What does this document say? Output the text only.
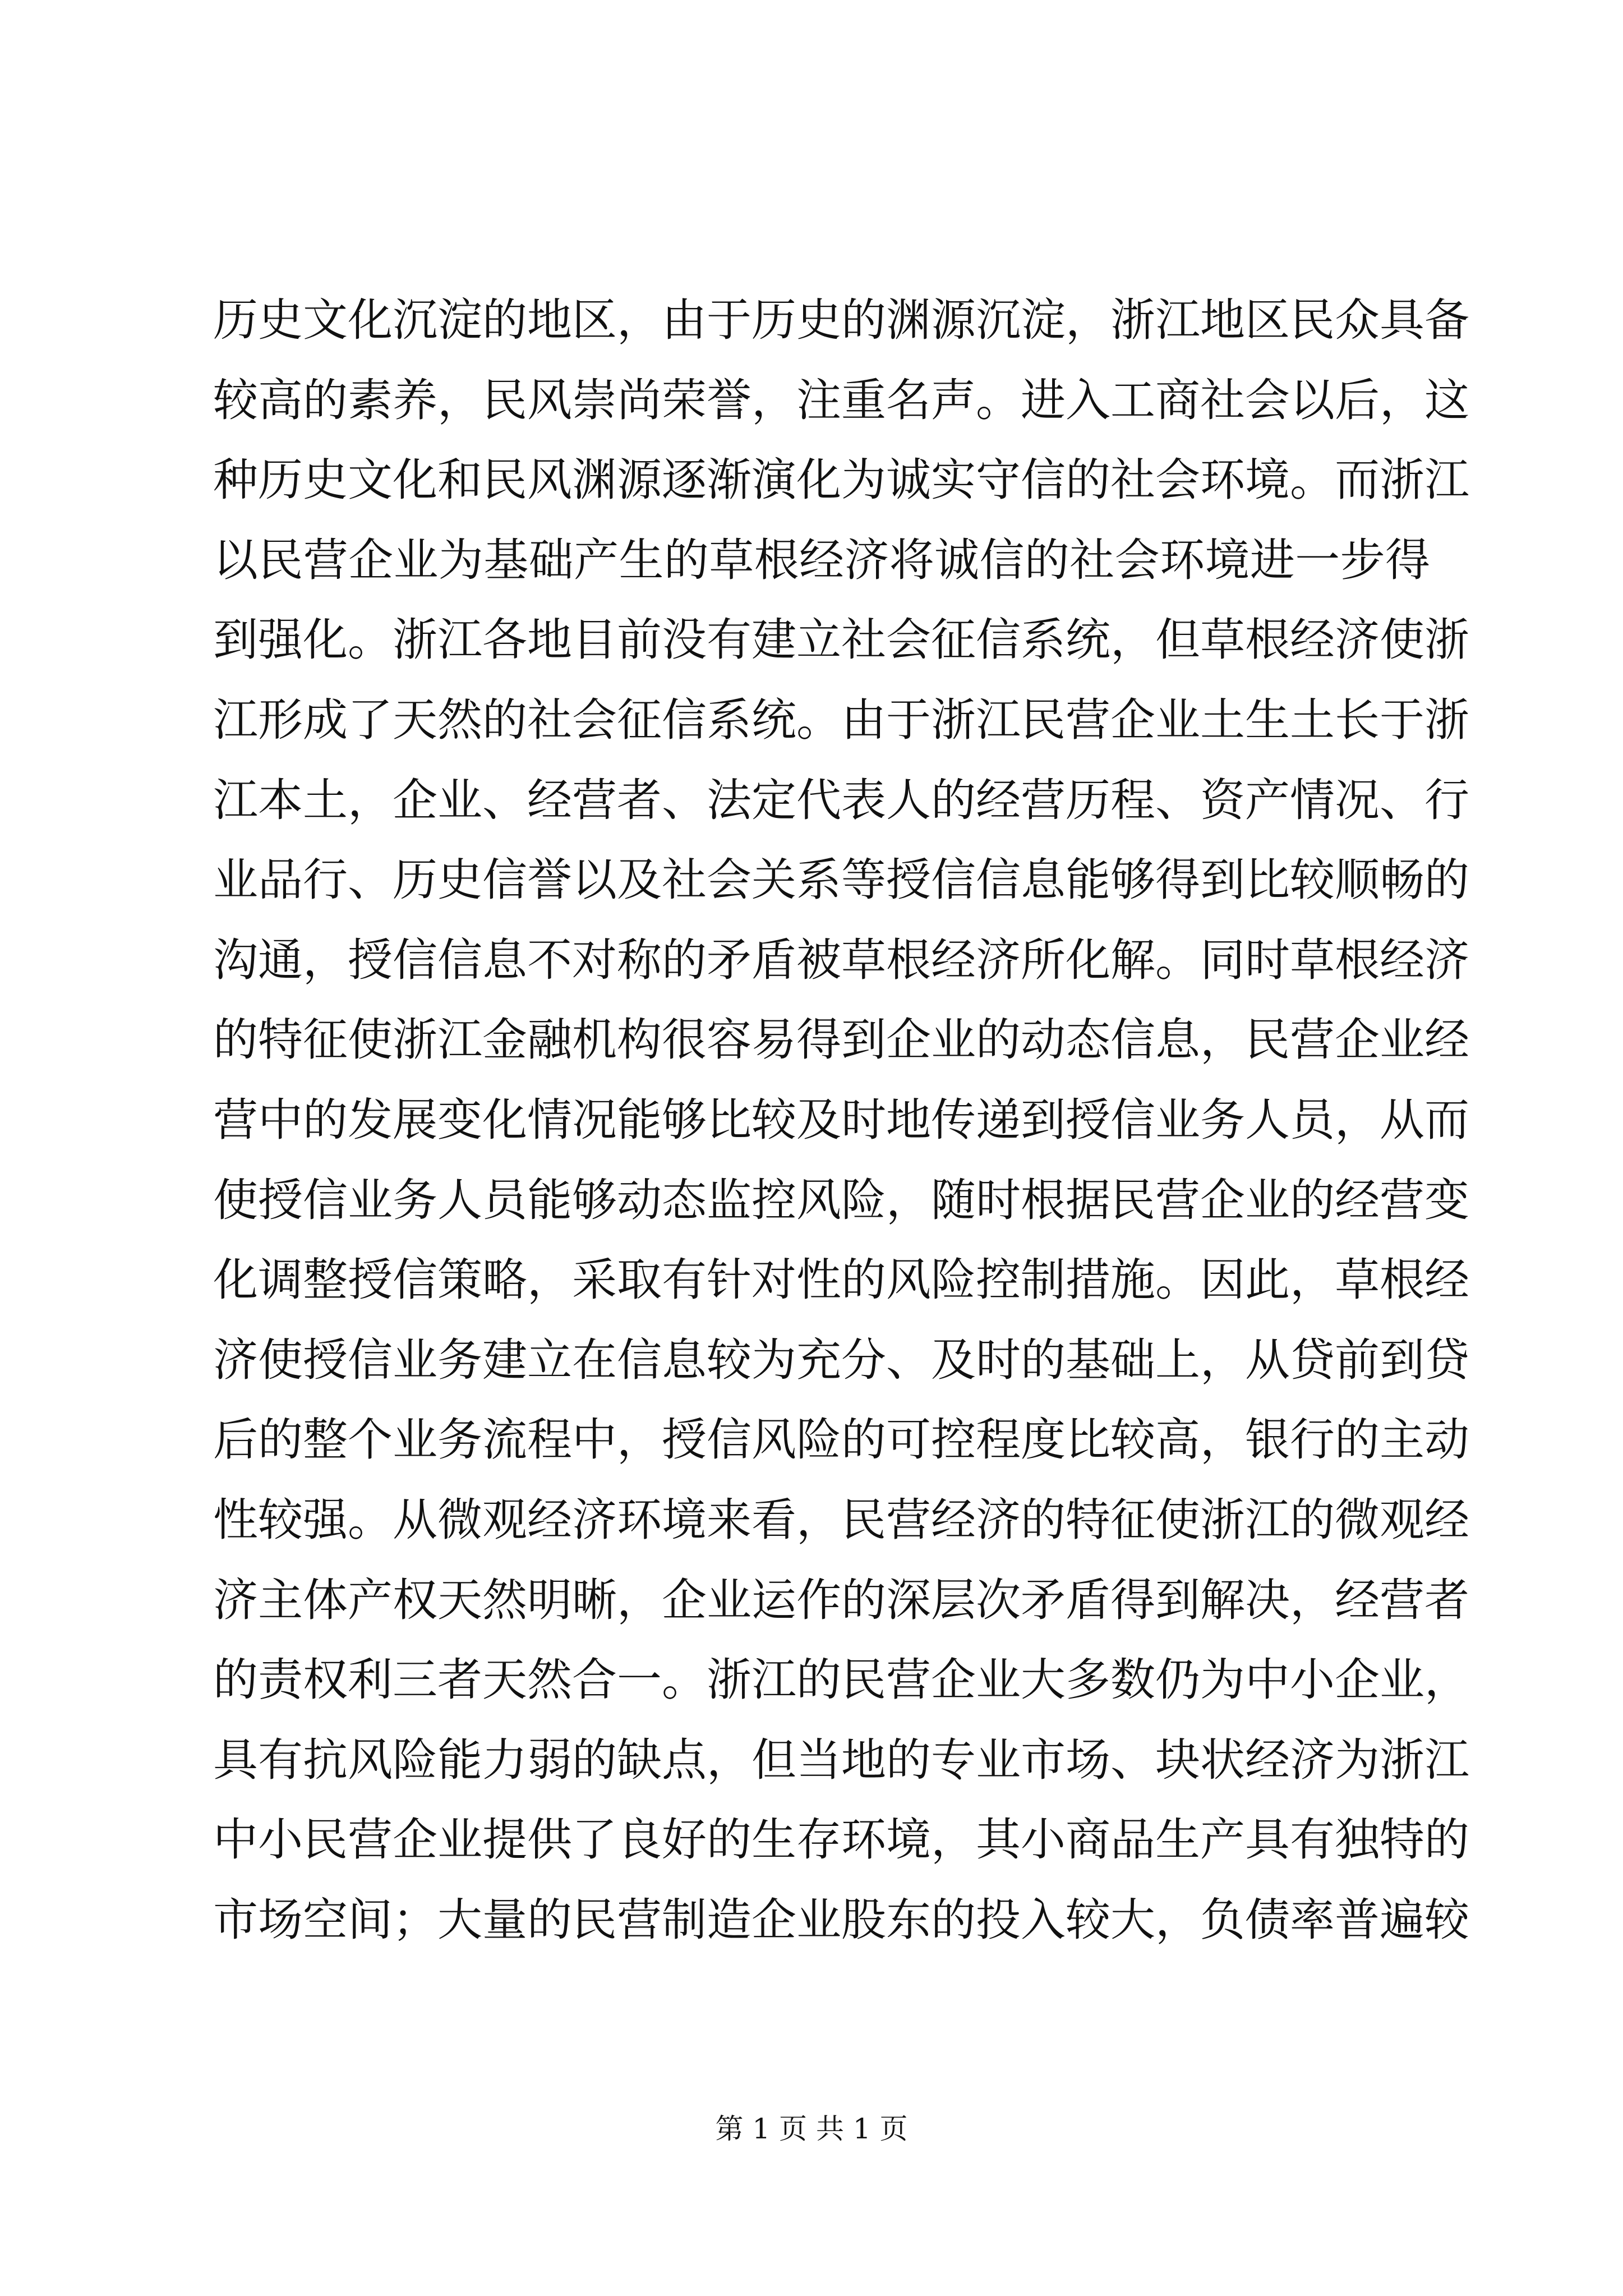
历史文化沉淀的地区，由于历史的渊源沉淀，浙江地区民众具备
较高的素养，民风崇尚荣誉，注重名声。进入工商社会以后，这
种历史文化和民风渊源逐渐演化为诚实守信的社会环境。而浙江
以民营企业为基础产生的草根经济将诚信的社会环境进一步得
到强化。浙江各地目前没有建立社会征信系统，但草根经济使浙
江形成了天然的社会征信系统。由于浙江民营企业土生土长于浙
江本土，企业、经营者、法定代表人的经营历程、资产情况、行
业品行、历史信誉以及社会关系等授信信息能够得到比较顺畅的
沟通，授信信息不对称的矛盾被草根经济所化解。同时草根经济
的特征使浙江金融机构很容易得到企业的动态信息，民营企业经
营中的发展变化情况能够比较及时地传递到授信业务人员，从而
使授信业务人员能够动态监控风险，随时根据民营企业的经营变
化调整授信策略，采取有针对性的风险控制措施。因此，草根经
济使授信业务建立在信息较为充分、及时的基础上，从贷前到贷
后的整个业务流程中，授信风险的可控程度比较高，银行的主动
性较强。从微观经济环境来看，民营经济的特征使浙江的微观经
济主体产权天然明晰，企业运作的深层次矛盾得到解决，经营者
的责权利三者天然合一。浙江的民营企业大多数仍为中小企业，
具有抗风险能力弱的缺点，但当地的专业市场、块状经济为浙江
中小民营企业提供了良好的生存环境，其小商品生产具有独特的
市场空间；大量的民营制造企业股东的投入较大，负债率普遍较
第 1 页 共 1 页
